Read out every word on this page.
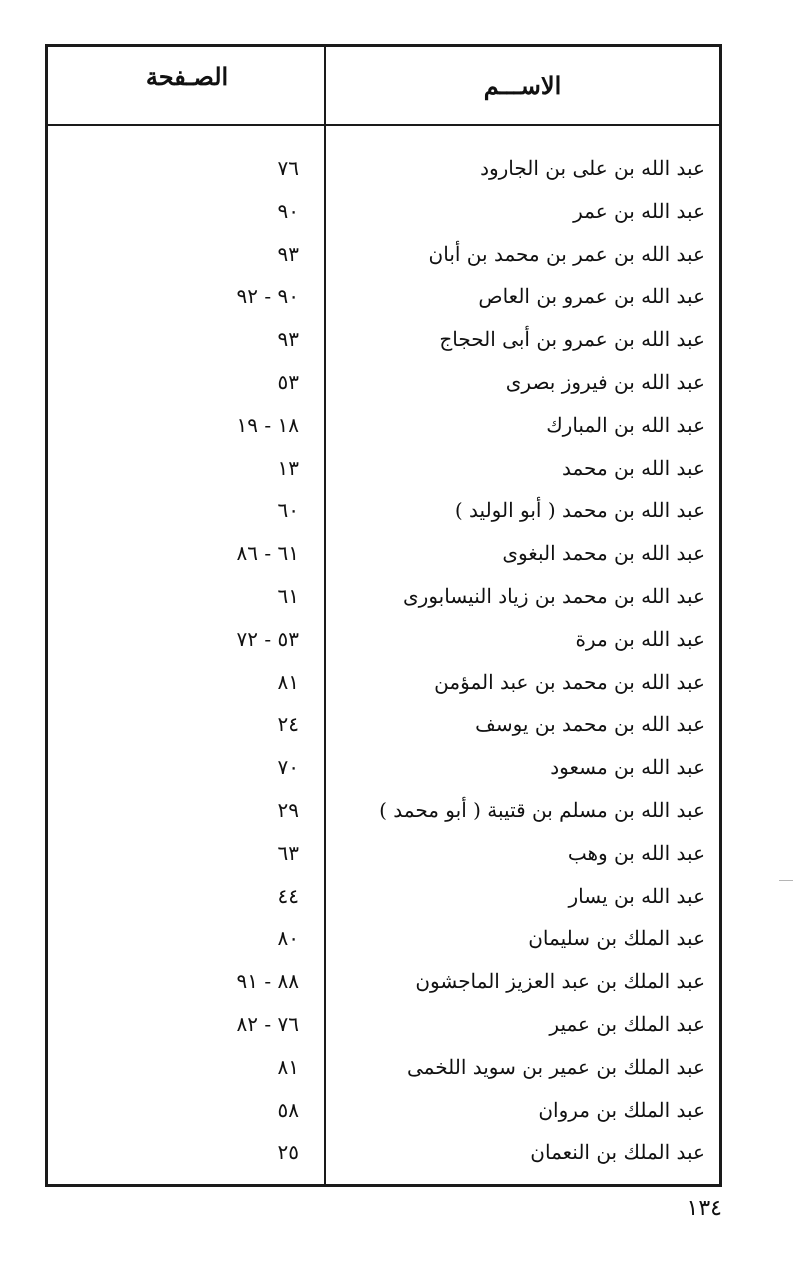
الاســـم
الصـفحة
عبد الله بن على بن الجارود
٧٦
عبد الله بن عمر
٩٠
عبد الله بن عمر بن محمد بن أبان
٩٣
عبد الله بن عمرو بن العاص
٩٠ - ٩٢
عبد الله بن عمرو بن أبى الحجاج
٩٣
عبد الله بن فيروز بصرى
٥٣
عبد الله بن المبارك
١٨ - ١٩
عبد الله بن محمد
١٣
عبد الله بن محمد ( أبو الوليد )
٦٠
عبد الله بن محمد البغوى
٦١ - ٨٦
عبد الله بن محمد بن زياد النيسابورى
٦١
عبد الله بن مرة
٥٣ - ٧٢
عبد الله بن محمد بن عبد المؤمن
٨١
عبد الله بن محمد بن يوسف
٢٤
عبد الله بن مسعود
٧٠
عبد الله بن مسلم بن قتيبة ( أبو محمد )
٢٩
عبد الله بن وهب
٦٣
عبد الله بن يسار
٤٤
عبد الملك بن سليمان
٨٠
عبد الملك بن عبد العزيز الماجشون
٨٨ - ٩١
عبد الملك بن عمير
٧٦ - ٨٢
عبد الملك بن عمير بن سويد اللخمى
٨١
عبد الملك بن مروان
٥٨
عبد الملك بن النعمان
٢٥
١٣٤
